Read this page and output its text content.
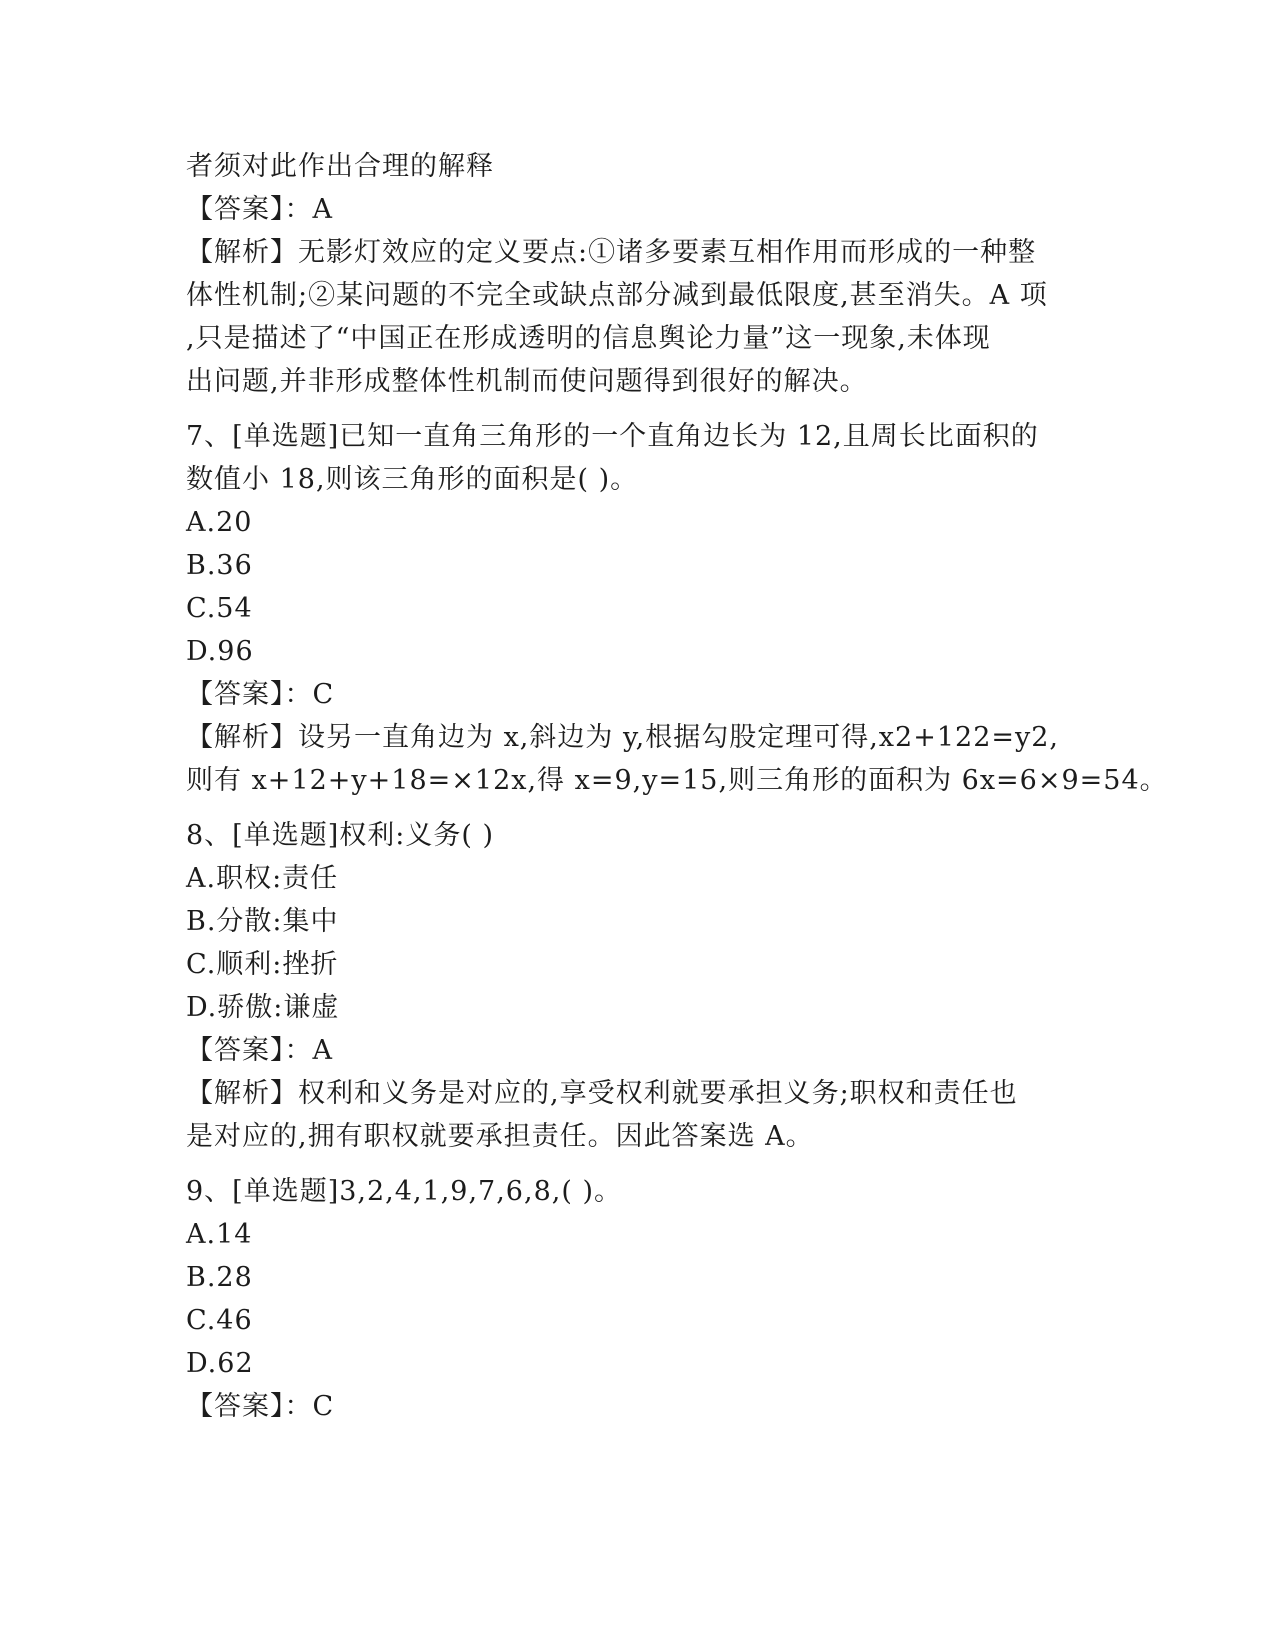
者须对此作出合理的解释
【答案】：A
【解析】无影灯效应的定义要点:①诸多要素互相作用而形成的一种整
体性机制;②某问题的不完全或缺点部分减到最低限度,甚至消失。A 项
,只是描述了“中国正在形成透明的信息舆论力量”这一现象,未体现
出问题,并非形成整体性机制而使问题得到很好的解决。
7、[单选题]已知一直角三角形的一个直角边长为 12,且周长比面积的
数值小 18,则该三角形的面积是( )。
A.20
B.36
C.54
D.96
【答案】：C
【解析】设另一直角边为 x,斜边为 y,根据勾股定理可得,x2+122=y2,
则有 x+12+y+18=×12x,得 x=9,y=15,则三角形的面积为 6x=6×9=54。
8、[单选题]权利:义务( )
A.职权:责任
B.分散:集中
C.顺利:挫折
D.骄傲:谦虚
【答案】：A
【解析】权利和义务是对应的,享受权利就要承担义务;职权和责任也
是对应的,拥有职权就要承担责任。因此答案选 A。
9、[单选题]3,2,4,1,9,7,6,8,( )。
A.14
B.28
C.46
D.62
【答案】：C
